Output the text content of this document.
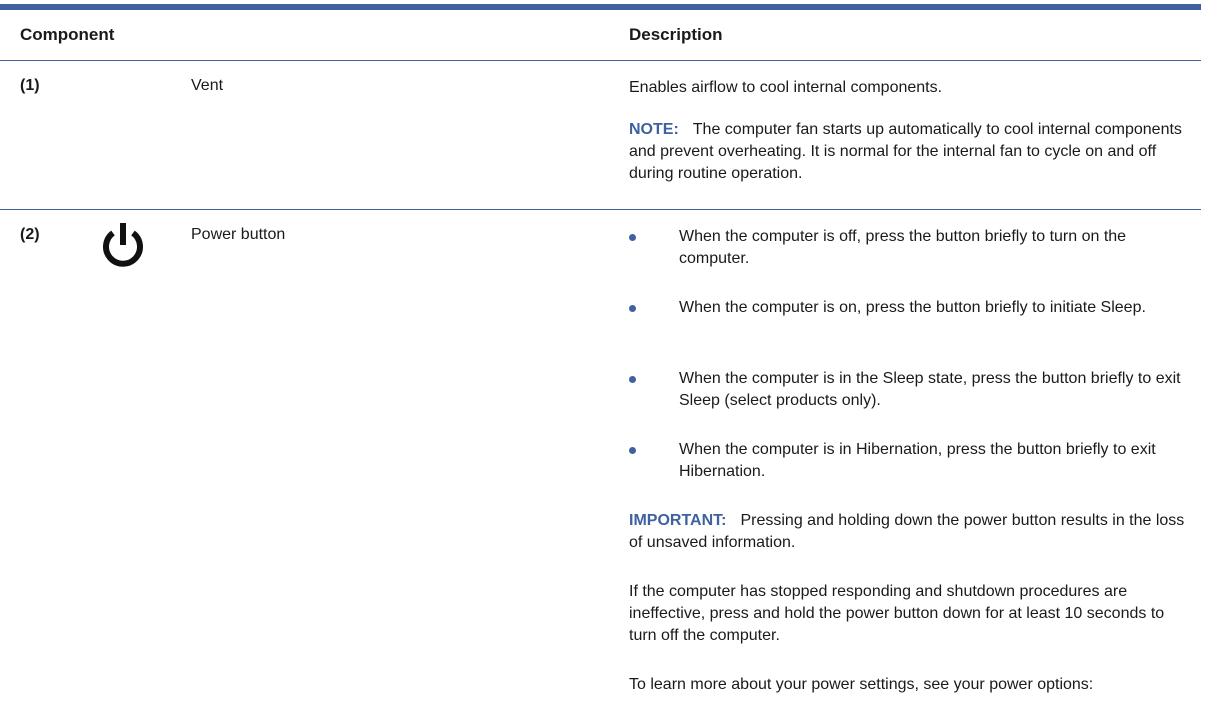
Component	Description
(1)	Vent	Enables airflow to cool internal components.
NOTE: The computer fan starts up automatically to cool internal components and prevent overheating. It is normal for the internal fan to cycle on and off during routine operation.
(2)	Power button	When the computer is off, press the button briefly to turn on the computer.
When the computer is on, press the button briefly to initiate Sleep.
When the computer is in the Sleep state, press the button briefly to exit Sleep (select products only).
When the computer is in Hibernation, press the button briefly to exit Hibernation.
IMPORTANT: Pressing and holding down the power button results in the loss of unsaved information.
If the computer has stopped responding and shutdown procedures are ineffective, press and hold the power button down for at least 10 seconds to turn off the computer.
To learn more about your power settings, see your power options:
